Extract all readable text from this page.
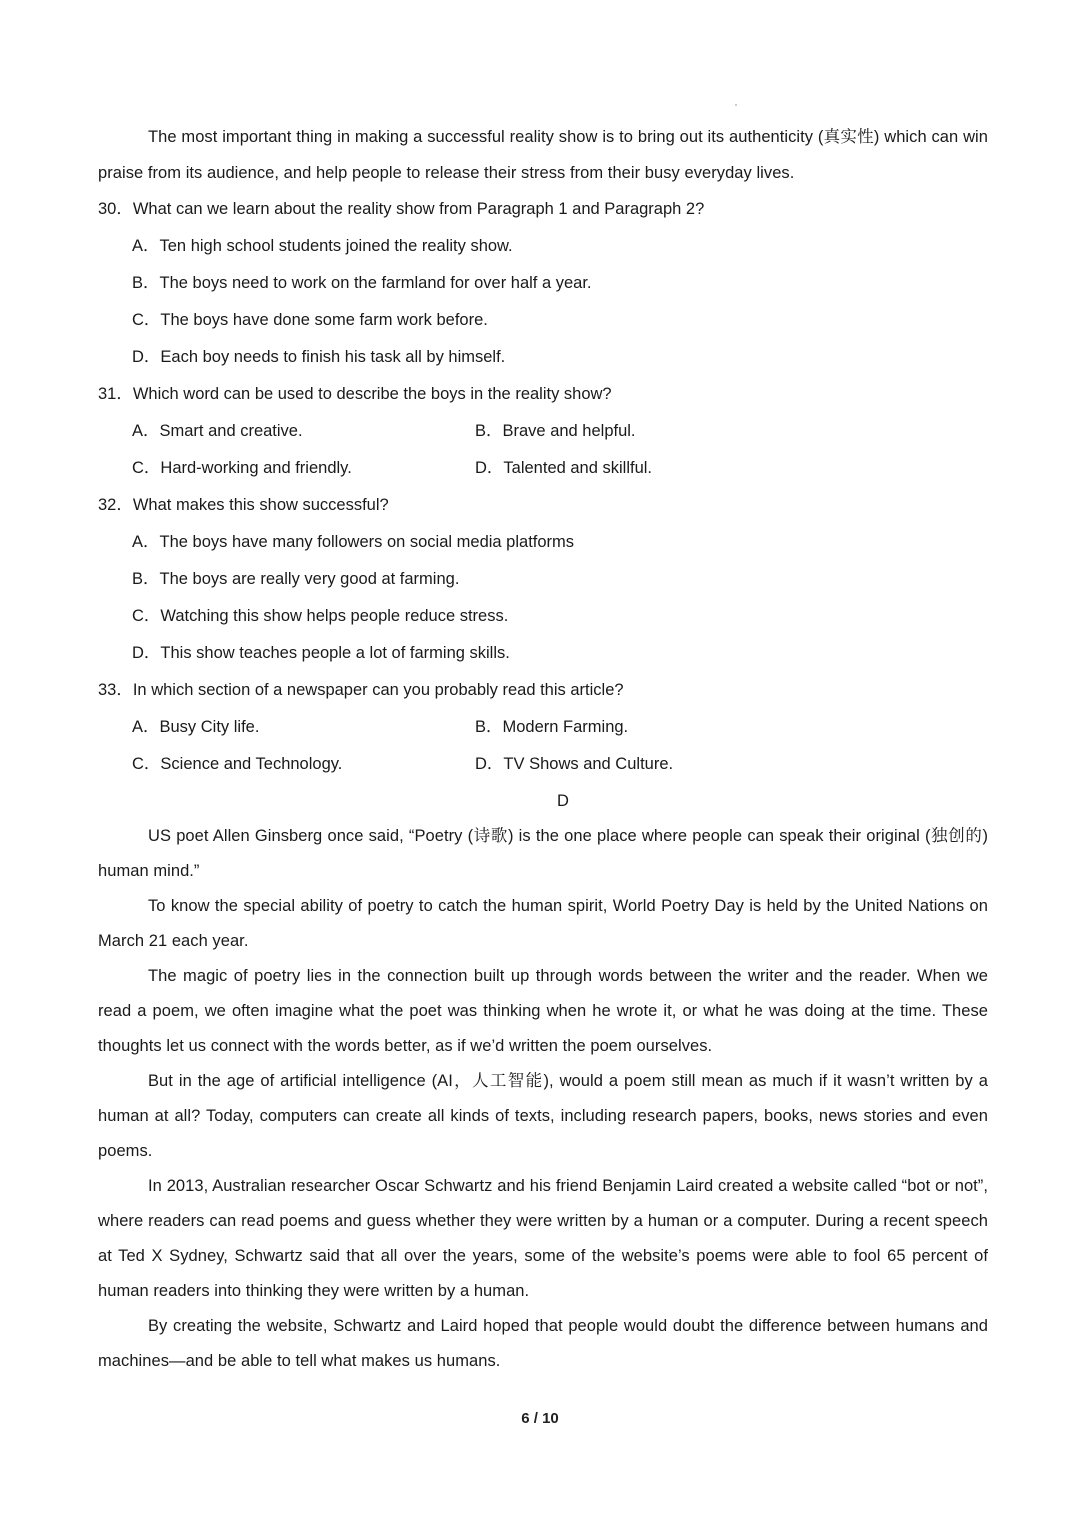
The most important thing in making a successful reality show is to bring out its authenticity (真实性) which can win praise from its audience, and help people to release their stress from their busy everyday lives.

30．What can we learn about the reality show from Paragraph 1 and Paragraph 2?

A．Ten high school students joined the reality show.

B．The boys need to work on the farmland for over half a year.

C．The boys have done some farm work before.

D．Each boy needs to finish his task all by himself.

31．Which word can be used to describe the boys in the reality show?

A．Smart and creative.	B．Brave and helpful.
C．Hard-working and friendly.	D．Talented and skillful.

32．What makes this show successful?

A．The boys have many followers on social media platforms

B．The boys are really very good at farming.

C．Watching this show helps people reduce stress.

D．This show teaches people a lot of farming skills.

33．In which section of a newspaper can you probably read this article?

A．Busy City life.	B．Modern Farming.
C．Science and Technology.	D．TV Shows and Culture.

D

US poet Allen Ginsberg once said, “Poetry (诗歌) is the one place where people can speak their original (独创的) human mind.”

To know the special ability of poetry to catch the human spirit, World Poetry Day is held by the United Nations on March 21 each year.

The magic of poetry lies in the connection built up through words between the writer and the reader. When we read a poem, we often imagine what the poet was thinking when he wrote it, or what he was doing at the time. These thoughts let us connect with the words better, as if we’d written the poem ourselves.

But in the age of artificial intelligence (AI，人工智能), would a poem still mean as much if it wasn’t written by a human at all? Today, computers can create all kinds of texts, including research papers, books, news stories and even poems.

In 2013, Australian researcher Oscar Schwartz and his friend Benjamin Laird created a website called “bot or not”, where readers can read poems and guess whether they were written by a human or a computer. During a recent speech at Ted X Sydney, Schwartz said that all over the years, some of the website’s poems were able to fool 65 percent of human readers into thinking they were written by a human.

By creating the website, Schwartz and Laird hoped that people would doubt the difference between humans and machines—and be able to tell what makes us humans.

6 / 10
